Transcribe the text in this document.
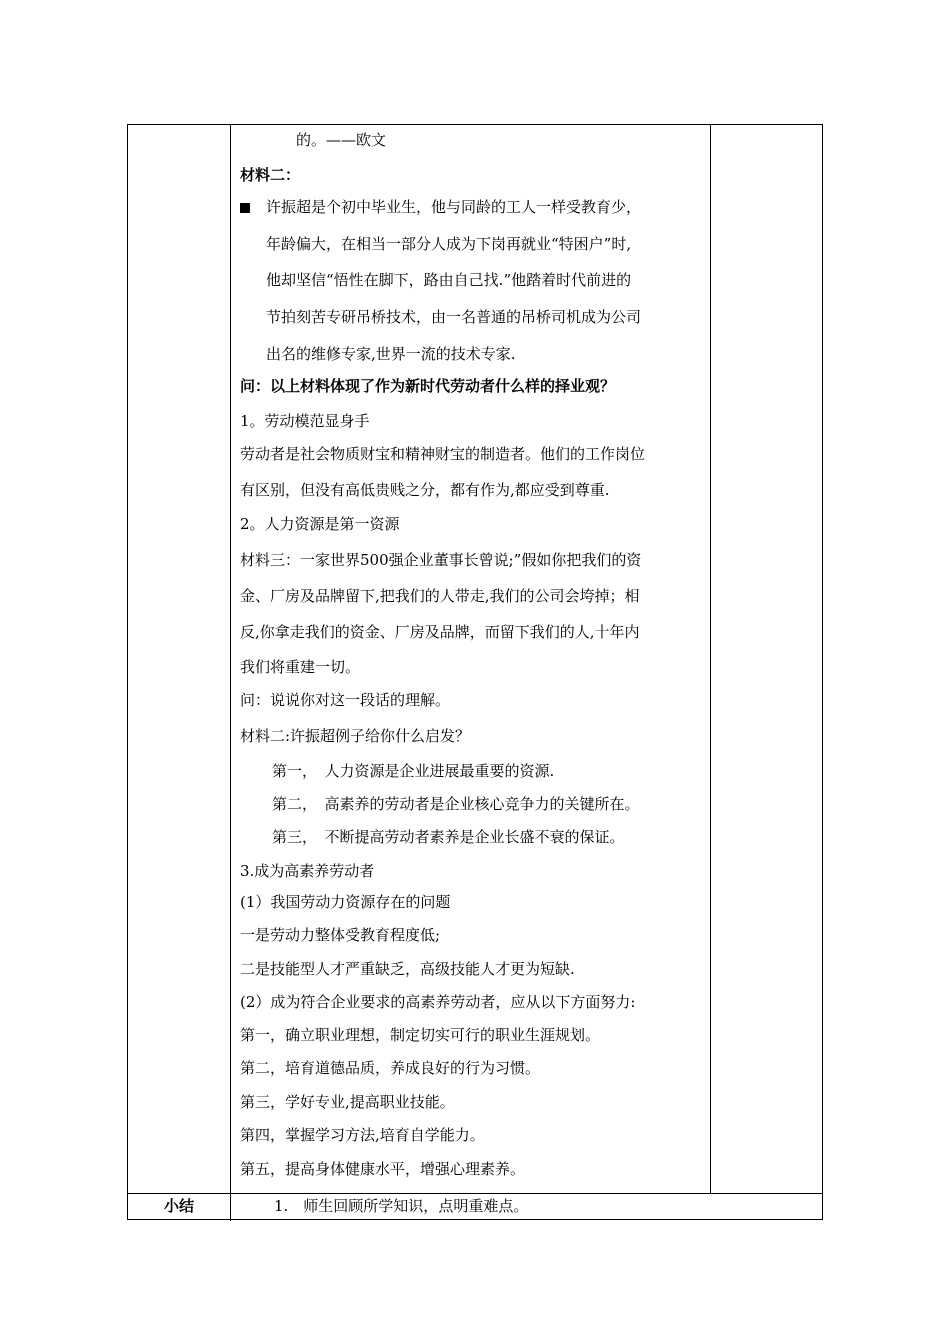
的。——欧文
材料二：
许振超是个初中毕业生，他与同龄的工人一样受教育少，
年龄偏大，在相当一部分人成为下岗再就业“特困户”时,
他却坚信“悟性在脚下，路由自己找.”他踏着时代前进的
节拍刻苦专研吊桥技术，由一名普通的吊桥司机成为公司
出名的维修专家,世界一流的技术专家.
问：以上材料体现了作为新时代劳动者什么样的择业观？
1。劳动模范显身手
劳动者是社会物质财宝和精神财宝的制造者。他们的工作岗位
有区别，但没有高低贵贱之分，都有作为,都应受到尊重.
2。人力资源是第一资源
材料三：一家世界500强企业董事长曾说;”假如你把我们的资
金、厂房及品牌留下,把我们的人带走,我们的公司会垮掉；相
反,你拿走我们的资金、厂房及品牌，而留下我们的人,十年内
我们将重建一切。
问：说说你对这一段话的理解。
材料二:许振超例子给你什么启发？
第一，　人力资源是企业进展最重要的资源.
第二，　高素养的劳动者是企业核心竞争力的关键所在。
第三，　不断提高劳动者素养是企业长盛不衰的保证。
3.成为高素养劳动者
(1）我国劳动力资源存在的问题
一是劳动力整体受教育程度低;
二是技能型人才严重缺乏，高级技能人才更为短缺.
(2）成为符合企业要求的高素养劳动者，应从以下方面努力:
第一，确立职业理想，制定切实可行的职业生涯规划。
第二，培育道德品质，养成良好的行为习惯。
第三，学好专业,提高职业技能。
第四，掌握学习方法,培育自学能力。
第五，提高身体健康水平，增强心理素养。
小结	1.　师生回顾所学知识，点明重难点。
